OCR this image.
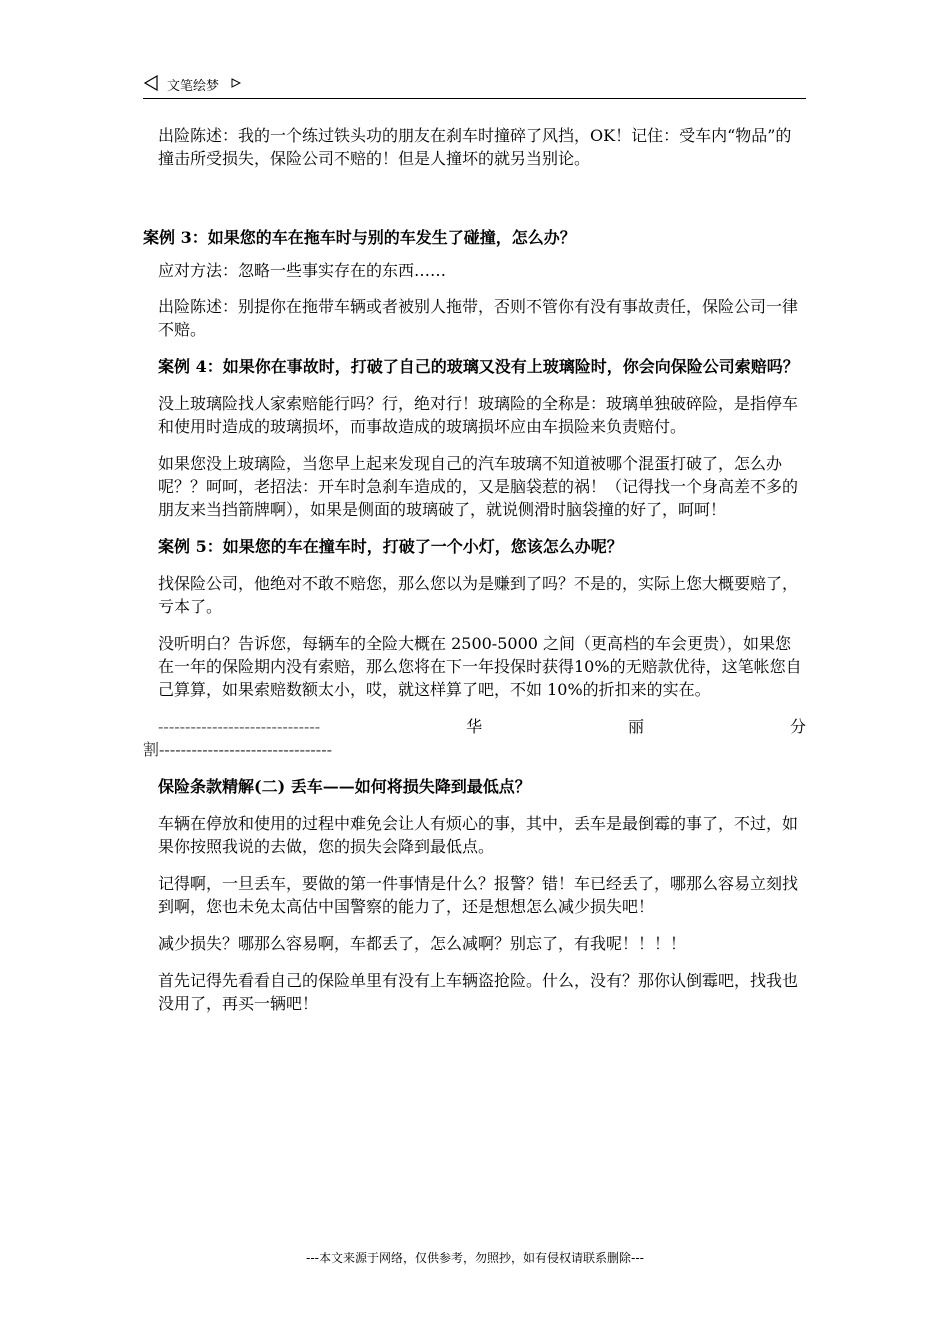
文笔绘梦

出险陈述：我的一个练过铁头功的朋友在刹车时撞碎了风挡，OK！记住：受车内“物品”的撞击所受损失，保险公司不赔的！但是人撞坏的就另当别论。

案例 3：如果您的车在拖车时与别的车发生了碰撞，怎么办？

应对方法：忽略一些事实存在的东西……

出险陈述：别提你在拖带车辆或者被别人拖带，否则不管你有没有事故责任，保险公司一律不赔。

案例 4：如果你在事故时，打破了自己的玻璃又没有上玻璃险时，你会向保险公司索赔吗？

没上玻璃险找人家索赔能行吗？行，绝对行！玻璃险的全称是：玻璃单独破碎险，是指停车和使用时造成的玻璃损坏，而事故造成的玻璃损坏应由车损险来负责赔付。

如果您没上玻璃险，当您早上起来发现自己的汽车玻璃不知道被哪个混蛋打破了，怎么办呢？？呵呵，老招法：开车时急刹车造成的，又是脑袋惹的祸！（记得找一个身高差不多的朋友来当挡箭牌啊），如果是侧面的玻璃破了，就说侧滑时脑袋撞的好了，呵呵！

案例 5：如果您的车在撞车时，打破了一个小灯，您该怎么办呢？

找保险公司，他绝对不敢不赔您，那么您以为是赚到了吗？不是的，实际上您大概要赔了，亏本了。

没听明白？告诉您，每辆车的全险大概在 2500-5000 之间（更高档的车会更贵），如果您在一年的保险期内没有索赔，那么您将在下一年投保时获得10%的无赔款优待，这笔帐您自己算算，如果索赔数额太小，哎，就这样算了吧，不如 10%的折扣来的实在。

------------------------------	华	丽	分

割--------------------------------

保险条款精解(二) 丢车——如何将损失降到最低点？

车辆在停放和使用的过程中难免会让人有烦心的事，其中，丢车是最倒霉的事了，不过，如果你按照我说的去做，您的损失会降到最低点。

记得啊，一旦丢车，要做的第一件事情是什么？报警？错！车已经丢了，哪那么容易立刻找到啊，您也未免太高估中国警察的能力了，还是想想怎么减少损失吧！

减少损失？哪那么容易啊，车都丢了，怎么减啊？别忘了，有我呢！！！！

首先记得先看看自己的保险单里有没有上车辆盗抢险。什么，没有？那你认倒霉吧，找我也没用了，再买一辆吧！

---本文来源于网络，仅供参考，勿照抄，如有侵权请联系删除---
